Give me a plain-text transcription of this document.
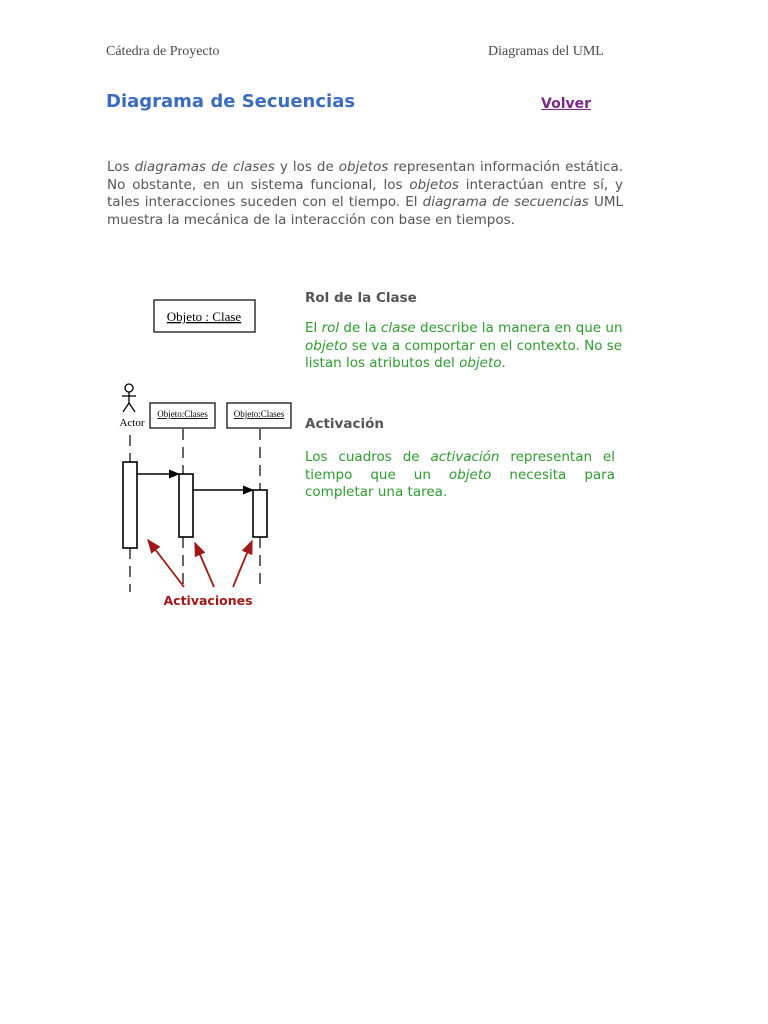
Cátedra de Proyecto	Diagramas del UML
Diagrama de Secuencias	Volver

Los diagramas de clases y los de objetos representan información estática. No obstante, en un sistema funcional, los objetos interactúan entre sí, y tales interacciones suceden con el tiempo. El diagrama de secuencias UML muestra la mecánica de la interacción con base en tiempos.

Rol de la Clase

El rol de la clase describe la manera en que un objeto se va a comportar en el contexto. No se listan los atributos del objeto.

Activación

Los cuadros de activación representan el tiempo que un objeto necesita para completar una tarea.

Objeto : Clase
Actor
Objeto:Clases	Objeto:Clases
Activaciones
